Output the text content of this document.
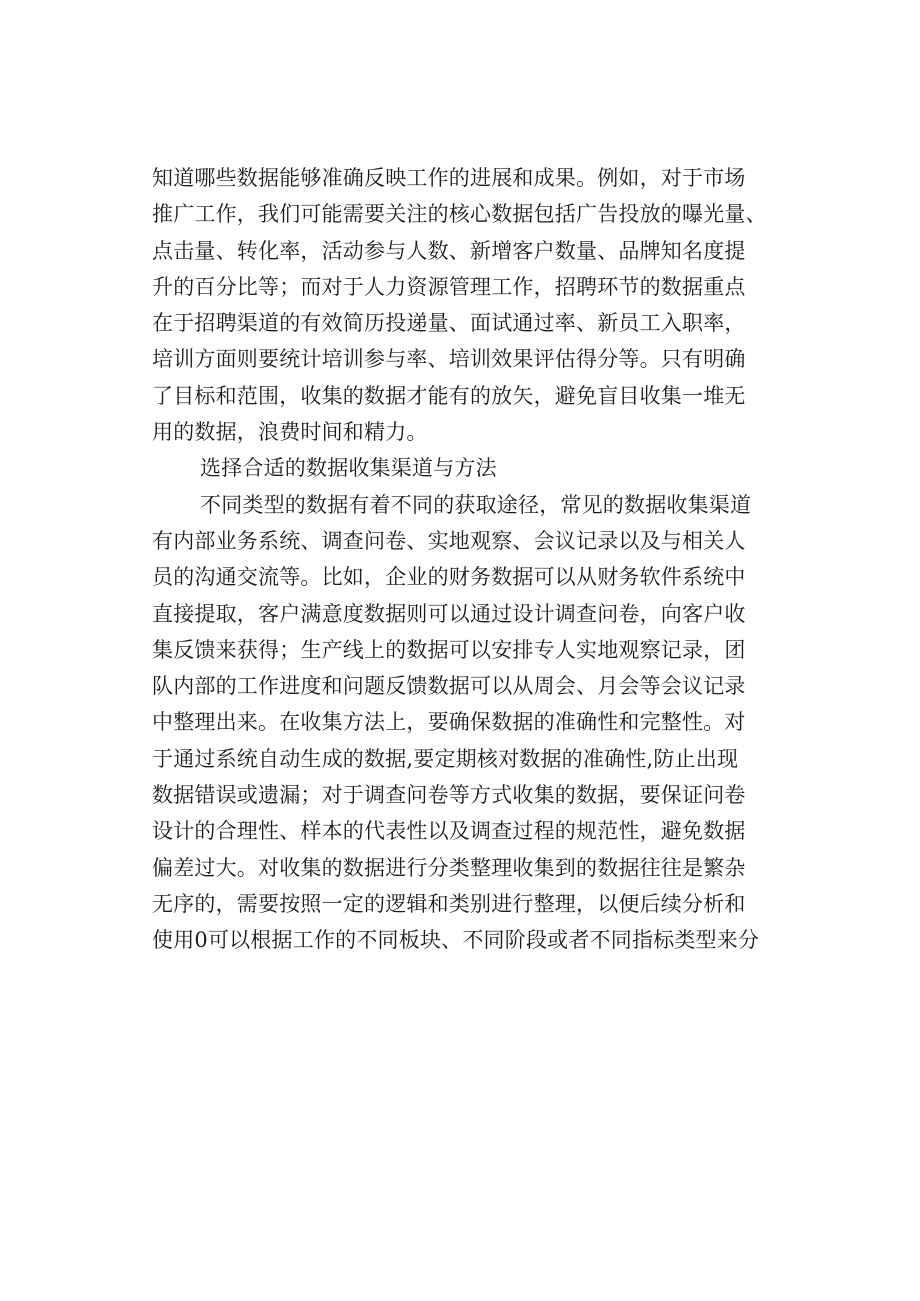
知道哪些数据能够准确反映工作的进展和成果。例如，对于市场
推广工作，我们可能需要关注的核心数据包括广告投放的曝光量、
点击量、转化率，活动参与人数、新增客户数量、品牌知名度提
升的百分比等；而对于人力资源管理工作，招聘环节的数据重点
在于招聘渠道的有效简历投递量、面试通过率、新员工入职率，
培训方面则要统计培训参与率、培训效果评估得分等。只有明确
了目标和范围，收集的数据才能有的放矢，避免盲目收集一堆无
用的数据，浪费时间和精力。
选择合适的数据收集渠道与方法
不同类型的数据有着不同的获取途径，常见的数据收集渠道
有内部业务系统、调查问卷、实地观察、会议记录以及与相关人
员的沟通交流等。比如，企业的财务数据可以从财务软件系统中
直接提取，客户满意度数据则可以通过设计调查问卷，向客户收
集反馈来获得；生产线上的数据可以安排专人实地观察记录，团
队内部的工作进度和问题反馈数据可以从周会、月会等会议记录
中整理出来。在收集方法上，要确保数据的准确性和完整性。对
于通过系统自动生成的数据,要定期核对数据的准确性,防止出现
数据错误或遗漏；对于调查问卷等方式收集的数据，要保证问卷
设计的合理性、样本的代表性以及调查过程的规范性，避免数据
偏差过大。对收集的数据进行分类整理收集到的数据往往是繁杂
无序的，需要按照一定的逻辑和类别进行整理，以便后续分析和
使用0可以根据工作的不同板块、不同阶段或者不同指标类型来分
